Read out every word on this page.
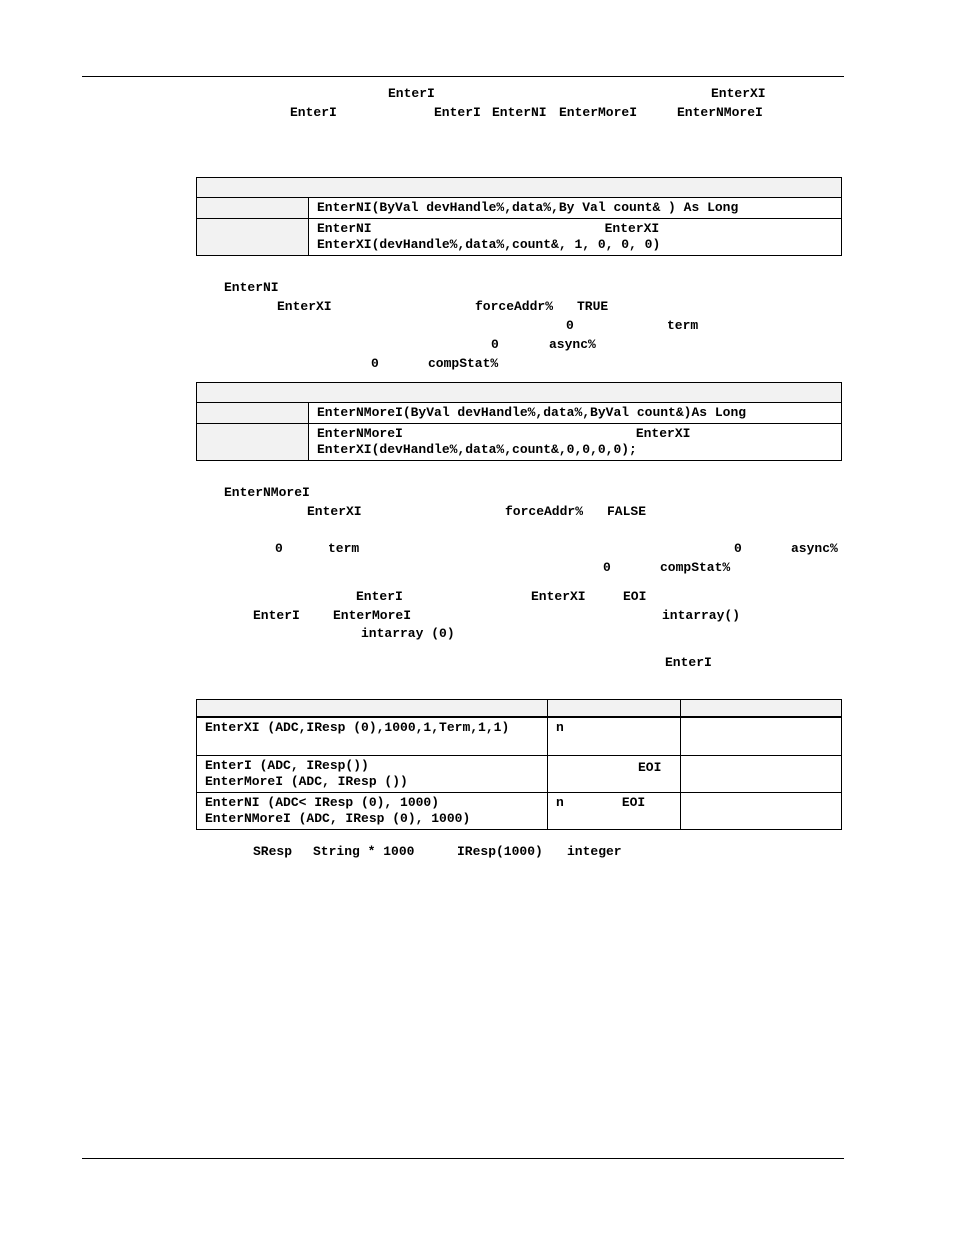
EnterI	EnterXI
EnterI	EnterI EnterNI EnterMoreI	EnterNMoreI

	EnterNI(ByVal devHandle%,data%,By Val count& ) As Long

	EnterNI EnterXI
EnterXI(devHandle%,data%,count&, 1, 0, 0, 0)
EnterNI
EnterXI	forceAddr% TRUE
0	term
0	async%
0	compStat%

	EnterNMoreI(ByVal devHandle%,data%,ByVal count&)As Long

	EnterNMoreI EnterXI
EnterXI(devHandle%,data%,count&,0,0,0,0);
EnterNMoreI
EnterXI	forceAddr% FALSE
0	term	0	async%
0	compStat%
EnterI	EnterXI	EOI
EnterI	EnterMoreI	intarray()
intarray (0)
EnterI

EnterXI (ADC,IResp (0),1000,1,Term,1,1)	n	

EnterI (ADC, IResp())
EnterMoreI (ADC, IResp ())	EOI	

EnterNI (ADC< IResp (0), 1000)
EnterNMoreI (ADC, IResp (0), 1000)	n EOI	
SResp String * 1000	IResp(1000) integer
